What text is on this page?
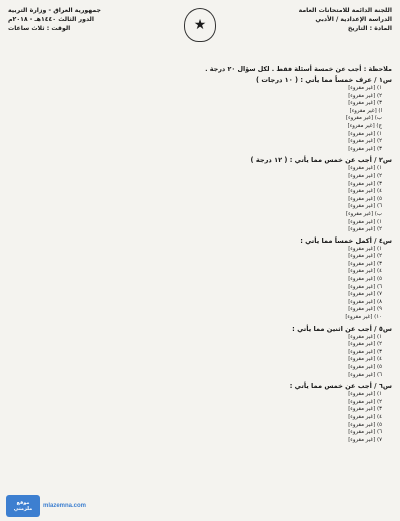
اللجنة الدائمة للامتحانات العامة
الدراسة الإعدادية / الأدبي
المادة : التاريخ
★
جمهورية العراق - وزارة التربية
الدور الثالث ١٤٤٠هـ - ٢٠١٨م
الوقت : ثلاث ساعات
ملاحظة : أجب عن خمسة أسئلة فقط . لكل سؤال ٢٠ درجة .
س١ / عرف خمساً مما يأتي : ( ١٠ درجات )
١) [غير مقروء]
٢) [غير مقروء]
٣) [غير مقروء]
أ) [غير مقروء]
ب) [غير مقروء]
ج) [غير مقروء]
١) [غير مقروء]
٢) [غير مقروء]
٣) [غير مقروء]
س٢ / أجب عن خمس مما يأتي : ( ١٢ درجة )
١) [غير مقروء]
٢) [غير مقروء]
٣) [غير مقروء]
٤) [غير مقروء]
٥) [غير مقروء]
٦) [غير مقروء]
ب) [غير مقروء]
١) [غير مقروء]
٢) [غير مقروء]
س٤ / أكمل خمساً مما يأتي :
١) [غير مقروء]
٢) [غير مقروء]
٣) [غير مقروء]
٤) [غير مقروء]
٥) [غير مقروء]
٦) [غير مقروء]
٧) [غير مقروء]
٨) [غير مقروء]
٩) [غير مقروء]
١٠) [غير مقروء]
س٥ / أجب عن اثنين مما يأتي :
١) [غير مقروء]
٢) [غير مقروء]
٣) [غير مقروء]
٤) [غير مقروء]
٥) [غير مقروء]
٦) [غير مقروء]
س٦ / أجب عن خمس مما يأتي :
١) [غير مقروء]
٢) [غير مقروء]
٣) [غير مقروء]
٤) [غير مقروء]
٥) [غير مقروء]
٦) [غير مقروء]
٧) [غير مقروء]
موقع
ملزمتي mlazemna.com
